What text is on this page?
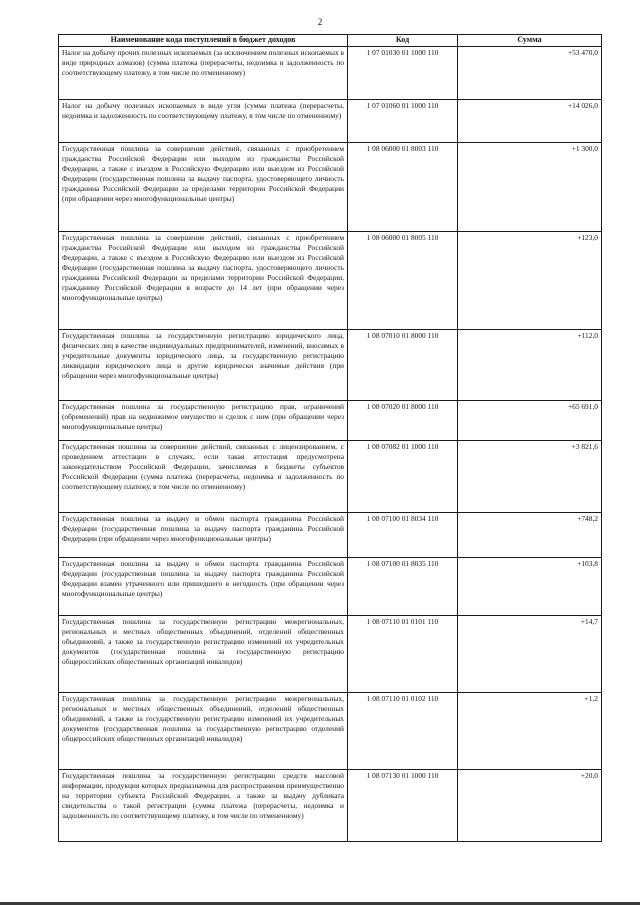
2
Наименование кода поступлений в бюджет доходов	Код	Сумма
Налог на добычу прочих полезных ископаемых (за исключением полезных ископаемых в виде природных алмазов) (сумма платежа (перерасчеты, недоимка и задолженность по соответствующему платежу, в том числе по отмененному)	1 07 01030 01 1000 110	+53 470,0
Налог на добычу полезных ископаемых в виде угля (сумма платежа (перерасчеты, недоимка и задолженность по соответствующему платежу, в том числе по отмененному)	1 07 01060 01 1000 110	+14 026,0
Государственная пошлина за совершение действий, связанных с приобретением гражданства Российской Федерации или выходом из гражданства Российской Федерации, а также с въездом в Российскую Федерацию или выездом из Российской Федерации (государственная пошлина за выдачу паспорта, удостоверяющего личность гражданина Российской Федерации за пределами территории Российской Федерации (при обращении через многофункциональные центры)	1 08 06000 01 8003 110	+1 300,0
Государственная пошлина за совершение действий, связанных с приобретением гражданства Российской Федерации или выходом из гражданства Российской Федерации, а также с въездом в Российскую Федерацию или выездом из Российской Федерации (государственная пошлина за выдачу паспорта, удостоверяющего личность гражданина Российской Федерации за пределами территории Российской Федерации, гражданину Российской Федерации в возрасте до 14 лет (при обращении через многофункциональные центры)	1 08 06000 01 8005 110	+123,0
Государственная пошлина за государственную регистрацию юридического лица, физических лиц в качестве индивидуальных предпринимателей, изменений, вносимых в учредительные документы юридического лица, за государственную регистрацию ликвидации юридического лица и другие юридически значимые действия (при обращении через многофункциональные центры)	1 08 07010 01 8000 110	+112,0
Государственная пошлина за государственную регистрацию прав, ограничений (обременений) прав на недвижимое имущество и сделок с ним (при обращении через многофункциональные центры)	1 08 07020 01 8000 110	+65 691,0
Государственная пошлина за совершение действий, связанных с лицензированием, с проведением аттестации в случаях, если такая аттестация предусмотрена законодательством Российской Федерации, зачисляемая в бюджеты субъектов Российской Федерации (сумма платежа (перерасчеты, недоимка и задолженность по соответствующему платежу, в том числе по отмененному)	1 08 07082 01 1000 110	+3 821,6
Государственная пошлина за выдачу и обмен паспорта гражданина Российской Федерации (государственная пошлина за выдачу паспорта гражданина Российской Федерации (при обращении через многофункциональные центры)	1 08 07100 01 8034 110	+748,2
Государственная пошлина за выдачу и обмен паспорта гражданина Российской Федерации (государственная пошлина за выдачу паспорта гражданина Российской Федерации взамен утраченного или пришедшего в негодность (при обращении через многофункциональные центры)	1 08 07100 01 8035 110	+103,8
Государственная пошлина за государственную регистрацию межрегиональных, региональных и местных общественных объединений, отделений общественных объединений, а также за государственную регистрацию изменений их учредительных документов (государственная пошлина за государственную регистрацию общероссийских общественных организаций инвалидов)	1 08 07110 01 0101 110	+14,7
Государственная пошлина за государственную регистрацию межрегиональных, региональных и местных общественных объединений, отделений общественных объединений, а также за государственную регистрацию изменений их учредительных документов (государственная пошлина за государственную регистрацию отделений общероссийских общественных организаций инвалидов)	1 08 07110 01 0102 110	+1,2
Государственная пошлина за государственную регистрацию средств массовой информации, продукция которых предназначена для распространения преимущественно на территории субъекта Российской Федерации, а также за выдачу дубликата свидетельства о такой регистрации (сумма платежа (перерасчеты, недоимка и задолженность по соответствующему платежу, в том числе по отмененному)	1 08 07130 01 1000 110	+20,0
